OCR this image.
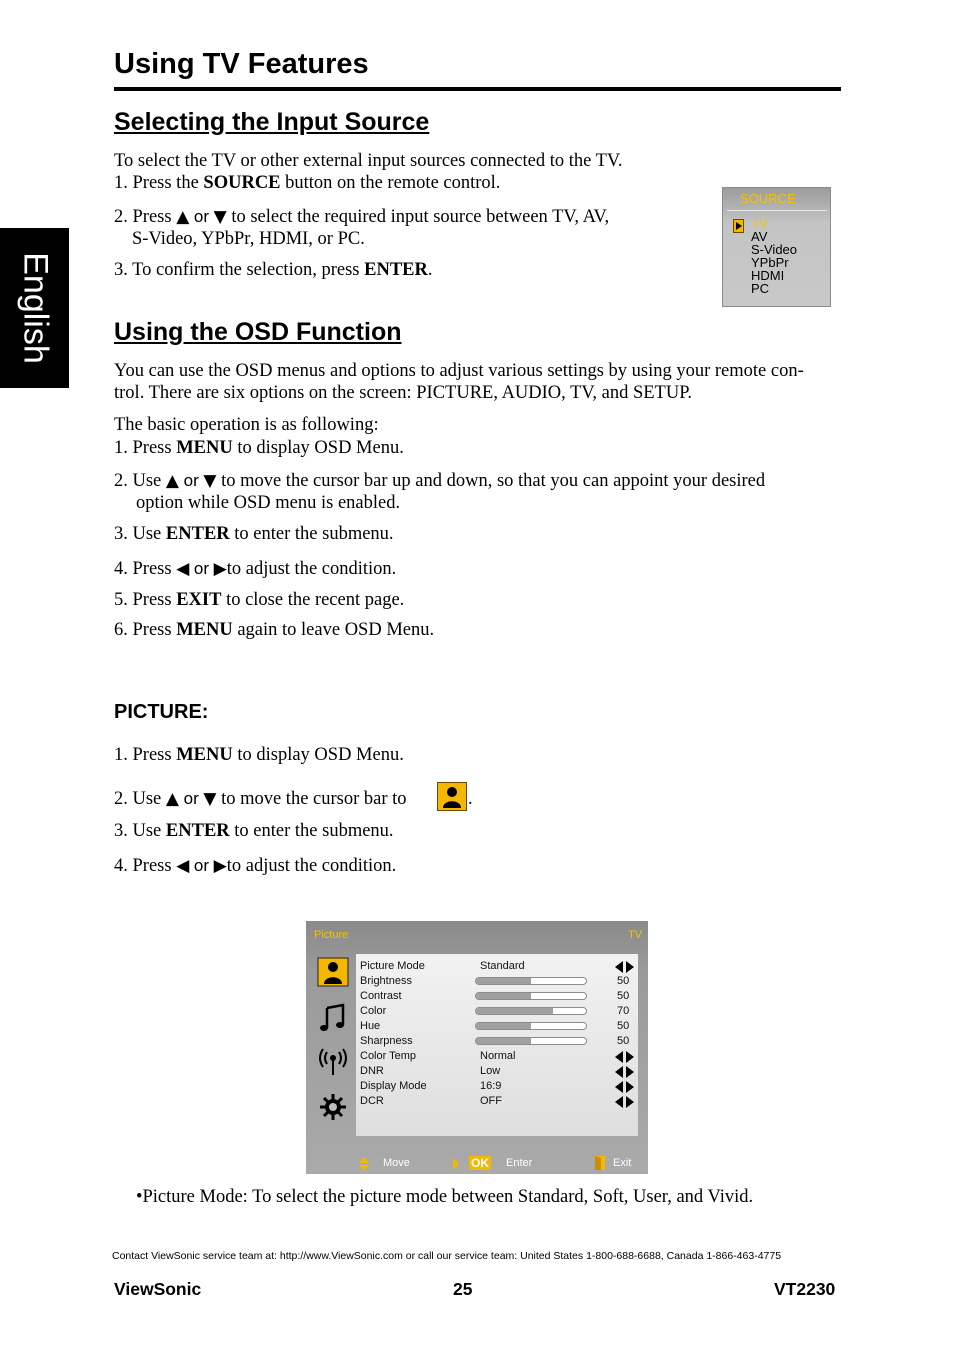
English
Using TV Features
Selecting the Input Source
To select the TV or other external input sources connected to the TV.
1. Press the SOURCE button on the remote control.
2. Press ▲ or ▼ to select the required input source between TV, AV,
S-Video, YPbPr, HDMI, or PC.
3. To confirm the selection, press ENTER.
SOURCE
TV
AV
S-Video
YPbPr
HDMI
PC
Using the OSD Function
You can use the OSD menus and options to adjust various settings by using your remote con-
trol. There are six options on the screen: PICTURE, AUDIO, TV, and SETUP.
The basic operation is as following:
1. Press MENU to display OSD Menu.
2. Use ▲ or ▼ to move the cursor bar up and down, so that you can appoint your desired
option while OSD menu is enabled.
3. Use ENTER to enter the submenu.
4. Press ◀ or ▶to adjust the condition.
5. Press EXIT to close the recent page.
6. Press MENU again to leave OSD Menu.
PICTURE:
1. Press MENU to display OSD Menu.
2. Use ▲ or ▼ to move the cursor bar to	.
3. Use ENTER to enter the submenu.
4. Press ◀ or ▶to adjust the condition.
Picture	TV
Picture Mode	Standard
Brightness	50
Contrast	50
Color	70
Hue	50
Sharpness	50
Color Temp	Normal
DNR	Low
Display Mode	16:9
DCR	OFF
Move	OK Enter	Exit
•Picture Mode: To select the picture mode between Standard, Soft, User, and Vivid.
Contact ViewSonic service team at: http://www.ViewSonic.com or call our service team: United States 1-800-688-6688, Canada 1-866-463-4775
ViewSonic	25	VT2230
